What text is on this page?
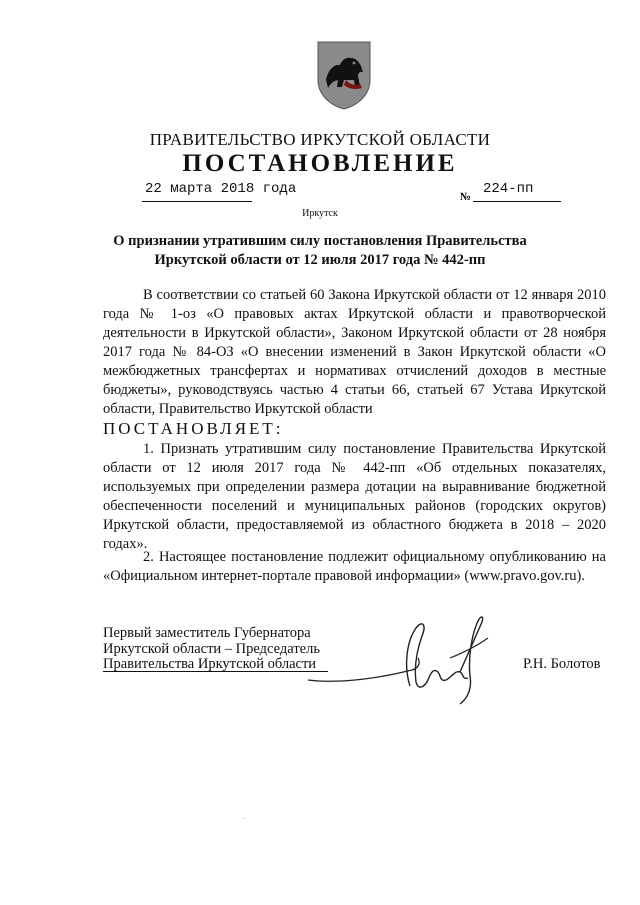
ПРАВИТЕЛЬСТВО ИРКУТСКОЙ ОБЛАСТИ
ПОСТАНОВЛЕНИЕ
22 марта 2018 года	№ 224-пп
Иркутск
О признании утратившим силу постановления Правительства Иркутской области от 12 июля 2017 года № 442-пп
В соответствии со статьей 60 Закона Иркутской области от 12 января 2010 года № 1-оз «О правовых актах Иркутской области и правотворческой деятельности в Иркутской области», Законом Иркутской области от 28 ноября 2017 года № 84-ОЗ «О внесении изменений в Закон Иркутской области «О межбюджетных трансфертах и нормативах отчислений доходов в местные бюджеты», руководствуясь частью 4 статьи 66, статьей 67 Устава Иркутской области, Правительство Иркутской области
ПОСТАНОВЛЯЕТ:
1. Признать утратившим силу постановление Правительства Иркутской области от 12 июля 2017 года № 442-пп «Об отдельных показателях, используемых при определении размера дотации на выравнивание бюджетной обеспеченности поселений и муниципальных районов (городских округов) Иркутской области, предоставляемой из областного бюджета в 2018 – 2020 годах».
2. Настоящее постановление подлежит официальному опубликованию на «Официальном интернет-портале правовой информации» (www.pravo.gov.ru).
Первый заместитель Губернатора
Иркутской области – Председатель
Правительства Иркутской области	Р.Н. Болотов
